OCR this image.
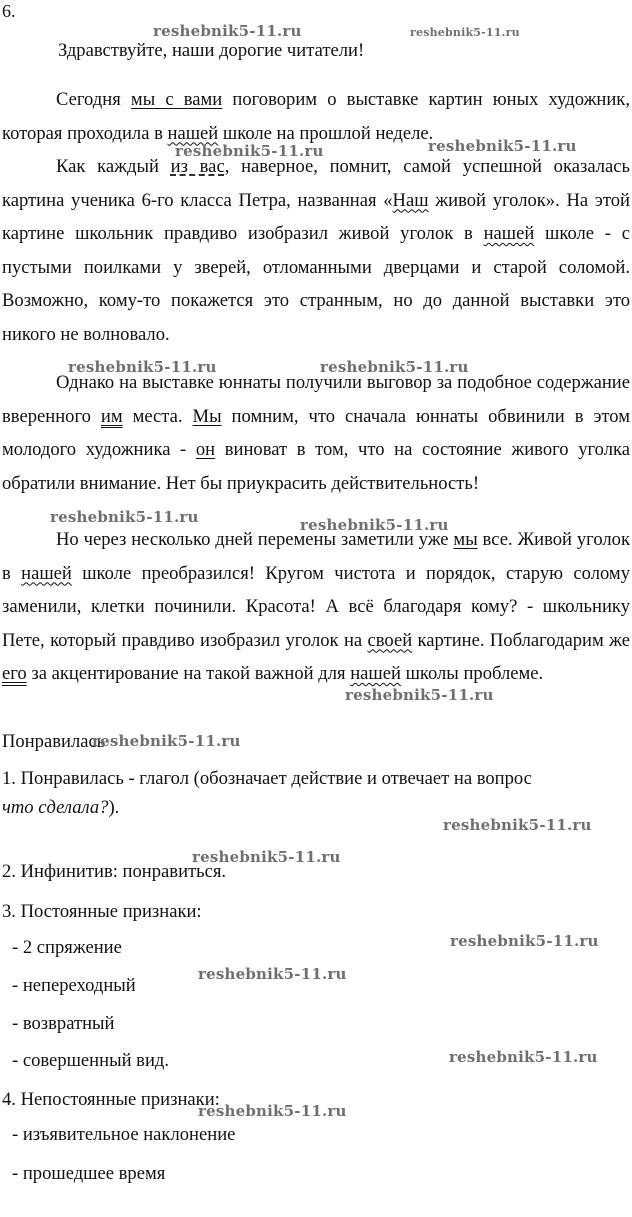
6.

Здравствуйте, наши дорогие читатели!

Сегодня мы с вами поговорим о выставке картин юных художник, которая проходила в нашей школе на прошлой неделе.

Как каждый из вас, наверное, помнит, самой успешной оказалась картина ученика 6-го класса Петра, названная «Наш живой уголок». На этой картине школьник правдиво изобразил живой уголок в нашей школе - с пустыми поилками у зверей, отломанными дверцами и старой соломой. Возможно, кому-то покажется это странным, но до данной выставки это никого не волновало.

Однако на выставке юннаты получили выговор за подобное содержание вверенного им места. Мы помним, что сначала юннаты обвинили в этом молодого художника - он виноват в том, что на состояние живого уголка обратили внимание. Нет бы приукрасить действительность!

Но через несколько дней перемены заметили уже мы все. Живой уголок в нашей школе преобразился! Кругом чистота и порядок, старую солому заменили, клетки починили. Красота! А всё благодаря кому? - школьнику Пете, который правдиво изобразил уголок на своей картине. Поблагодарим же его за акцентирование на такой важной для нашей школы проблеме.

Понравилась

1. Понравилась - глагол (обозначает действие и отвечает на вопрос

что сделала?).

2. Инфинитив: понравиться.

3. Постоянные признаки:

- 2 спряжение

- непереходный

- возвратный

- совершенный вид.

4. Непостоянные признаки:

- изъявительное наклонение

- прошедшее время

reshebnik5-11.ru	reshebnik5-11.ru
reshebnik5-11.ru	reshebnik5-11.ru
reshebnik5-11.ru	reshebnik5-11.ru
reshebnik5-11.ru	reshebnik5-11.ru
reshebnik5-11.ru
reshebnik5-11.ru
reshebnik5-11.ru
reshebnik5-11.ru
reshebnik5-11.ru
reshebnik5-11.ru
reshebnik5-11.ru
reshebnik5-11.ru
